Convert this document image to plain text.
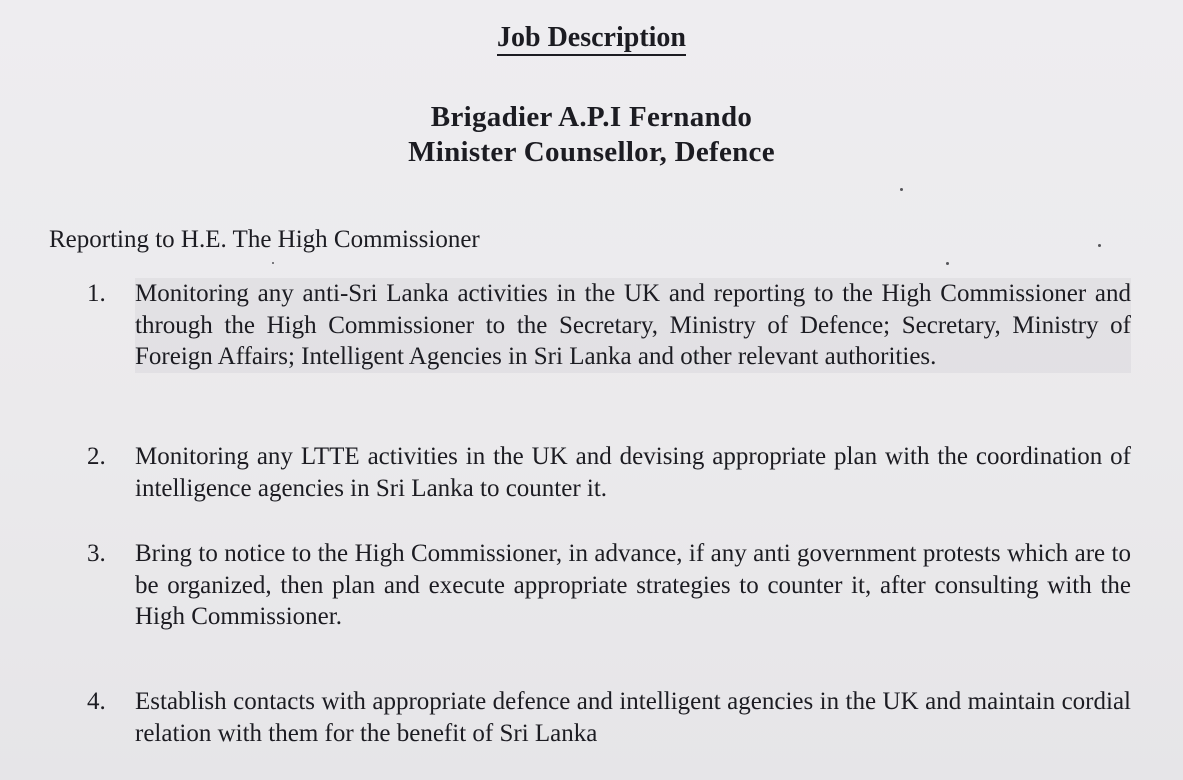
Job Description
Brigadier A.P.I Fernando
Minister Counsellor, Defence
Reporting to H.E. The High Commissioner
1.	Monitoring any anti-Sri Lanka activities in the UK and reporting to the High Commissioner and through the High Commissioner to the Secretary, Ministry of Defence; Secretary, Ministry of Foreign Affairs; Intelligent Agencies in Sri Lanka and other relevant authorities.
2.	Monitoring any LTTE activities in the UK and devising appropriate plan with the coordination of intelligence agencies in Sri Lanka to counter it.
3.	Bring to notice to the High Commissioner, in advance, if any anti government protests which are to be organized, then plan and execute appropriate strategies to counter it, after consulting with the High Commissioner.
4.	Establish contacts with appropriate defence and intelligent agencies in the UK and maintain cordial relation with them for the benefit of Sri Lanka
